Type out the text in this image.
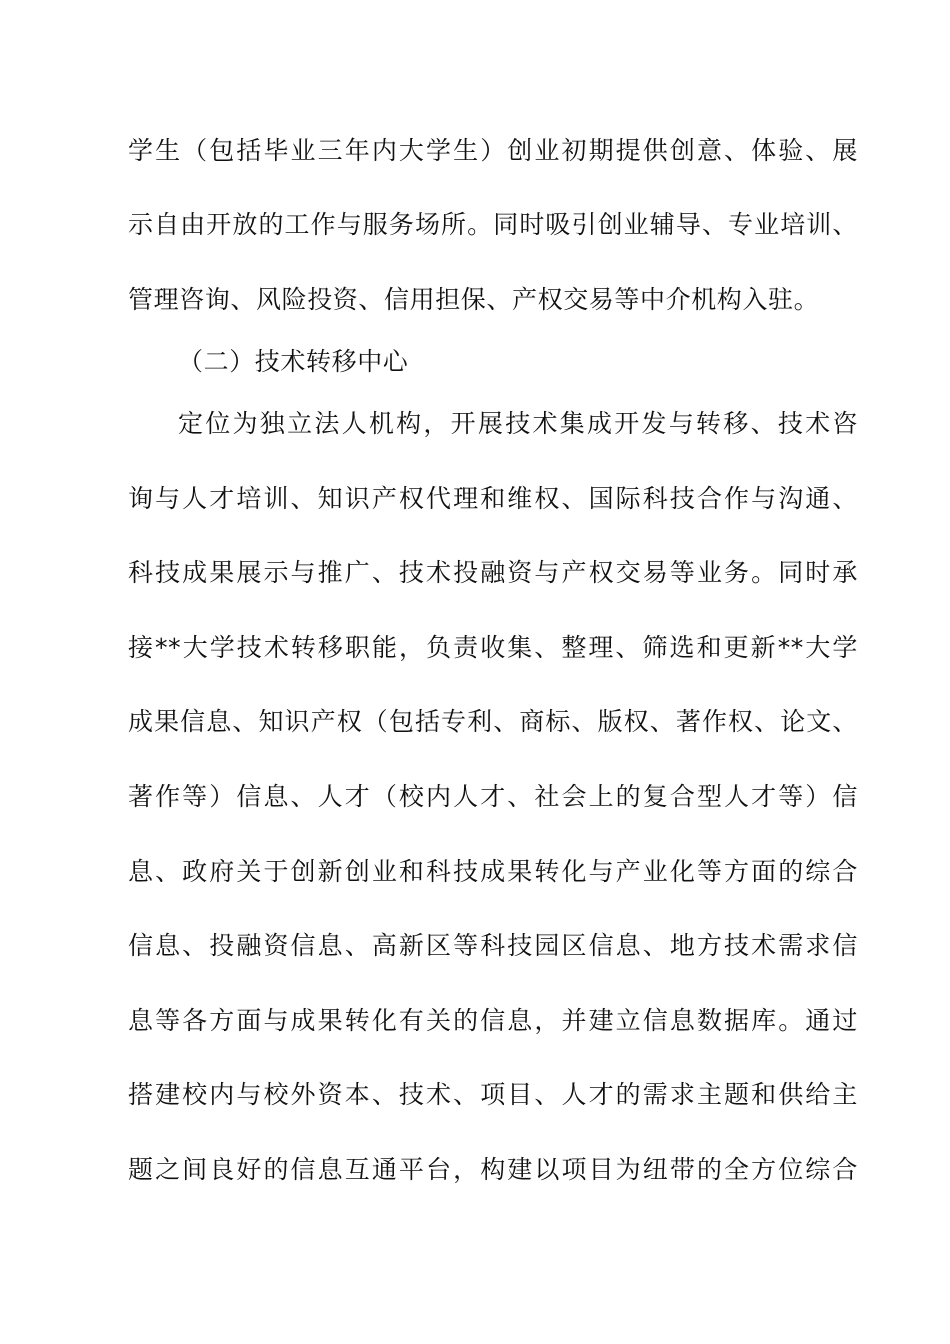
学生（包括毕业三年内大学生）创业初期提供创意、体验、展
示自由开放的工作与服务场所。同时吸引创业辅导、专业培训、
管理咨询、风险投资、信用担保、产权交易等中介机构入驻。
（二）技术转移中心
定位为独立法人机构，开展技术集成开发与转移、技术咨
询与人才培训、知识产权代理和维权、国际科技合作与沟通、
科技成果展示与推广、技术投融资与产权交易等业务。同时承
接**大学技术转移职能，负责收集、整理、筛选和更新**大学
成果信息、知识产权（包括专利、商标、版权、著作权、论文、
著作等）信息、人才（校内人才、社会上的复合型人才等）信
息、政府关于创新创业和科技成果转化与产业化等方面的综合
信息、投融资信息、高新区等科技园区信息、地方技术需求信
息等各方面与成果转化有关的信息，并建立信息数据库。通过
搭建校内与校外资本、技术、项目、人才的需求主题和供给主
题之间良好的信息互通平台，构建以项目为纽带的全方位综合
